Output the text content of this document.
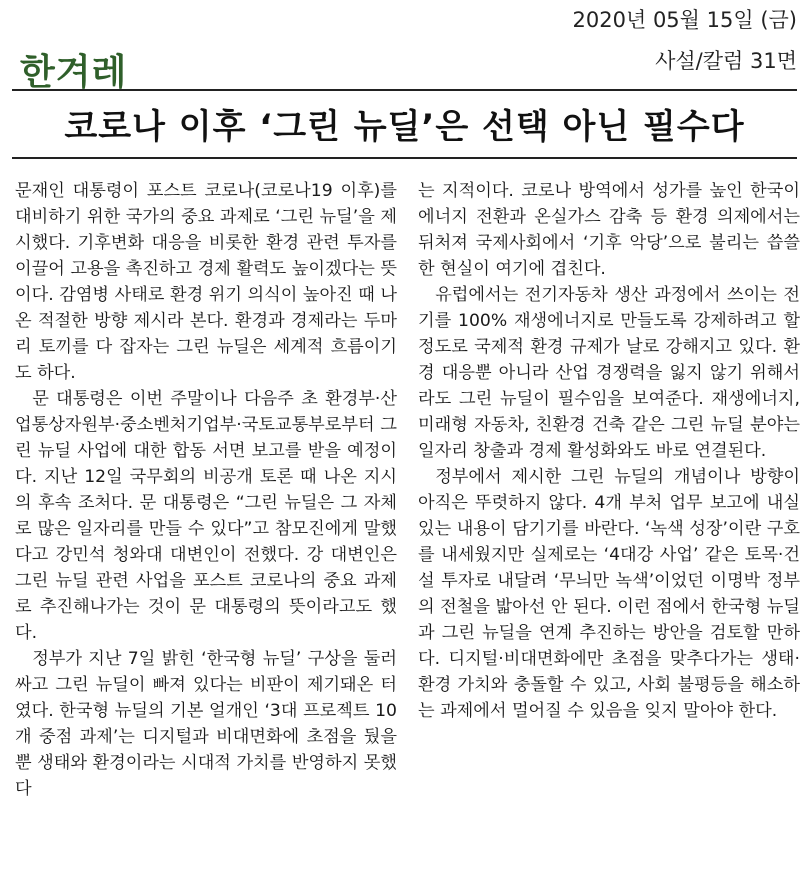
한겨레
2020년 05월 15일 (금)
사설/칼럼 31면
코로나 이후 ‘그린 뉴딜’은 선택 아닌 필수다

문재인 대통령이 포스트 코로나(코로나19 이후)를 대비하기 위한 국가의 중요 과제로 ‘그린 뉴딜’을 제시했다. 기후변화 대응을 비롯한 환경 관련 투자를 이끌어 고용을 촉진하고 경제 활력도 높이겠다는 뜻이다. 감염병 사태로 환경 위기 의식이 높아진 때 나온 적절한 방향 제시라 본다. 환경과 경제라는 두마리 토끼를 다 잡자는 그린 뉴딜은 세계적 흐름이기도 하다.

문 대통령은 이번 주말이나 다음주 초 환경부·산업통상자원부·중소벤처기업부·국토교통부로부터 그린 뉴딜 사업에 대한 합동 서면 보고를 받을 예정이다. 지난 12일 국무회의 비공개 토론 때 나온 지시의 후속 조처다. 문 대통령은 “그린 뉴딜은 그 자체로 많은 일자리를 만들 수 있다”고 참모진에게 말했다고 강민석 청와대 대변인이 전했다. 강 대변인은 그린 뉴딜 관련 사업을 포스트 코로나의 중요 과제로 추진해나가는 것이 문 대통령의 뜻이라고도 했다.

정부가 지난 7일 밝힌 ‘한국형 뉴딜’ 구상을 둘러싸고 그린 뉴딜이 빠져 있다는 비판이 제기돼온 터였다. 한국형 뉴딜의 기본 얼개인 ‘3대 프로젝트 10개 중점 과제’는 디지털과 비대면화에 초점을 뒀을 뿐 생태와 환경이라는 시대적 가치를 반영하지 못했다

는 지적이다. 코로나 방역에서 성가를 높인 한국이 에너지 전환과 온실가스 감축 등 환경 의제에서는 뒤처져 국제사회에서 ‘기후 악당’으로 불리는 씁쓸한 현실이 여기에 겹친다.

유럽에서는 전기자동차 생산 과정에서 쓰이는 전기를 100% 재생에너지로 만들도록 강제하려고 할 정도로 국제적 환경 규제가 날로 강해지고 있다. 환경 대응뿐 아니라 산업 경쟁력을 잃지 않기 위해서라도 그린 뉴딜이 필수임을 보여준다. 재생에너지, 미래형 자동차, 친환경 건축 같은 그린 뉴딜 분야는 일자리 창출과 경제 활성화와도 바로 연결된다.

정부에서 제시한 그린 뉴딜의 개념이나 방향이 아직은 뚜렷하지 않다. 4개 부처 업무 보고에 내실 있는 내용이 담기기를 바란다. ‘녹색 성장’이란 구호를 내세웠지만 실제로는 ‘4대강 사업’ 같은 토목·건설 투자로 내달려 ‘무늬만 녹색’이었던 이명박 정부의 전철을 밟아선 안 된다. 이런 점에서 한국형 뉴딜과 그린 뉴딜을 연계 추진하는 방안을 검토할 만하다. 디지털·비대면화에만 초점을 맞추다가는 생태·환경 가치와 충돌할 수 있고, 사회 불평등을 해소하는 과제에서 멀어질 수 있음을 잊지 말아야 한다.
